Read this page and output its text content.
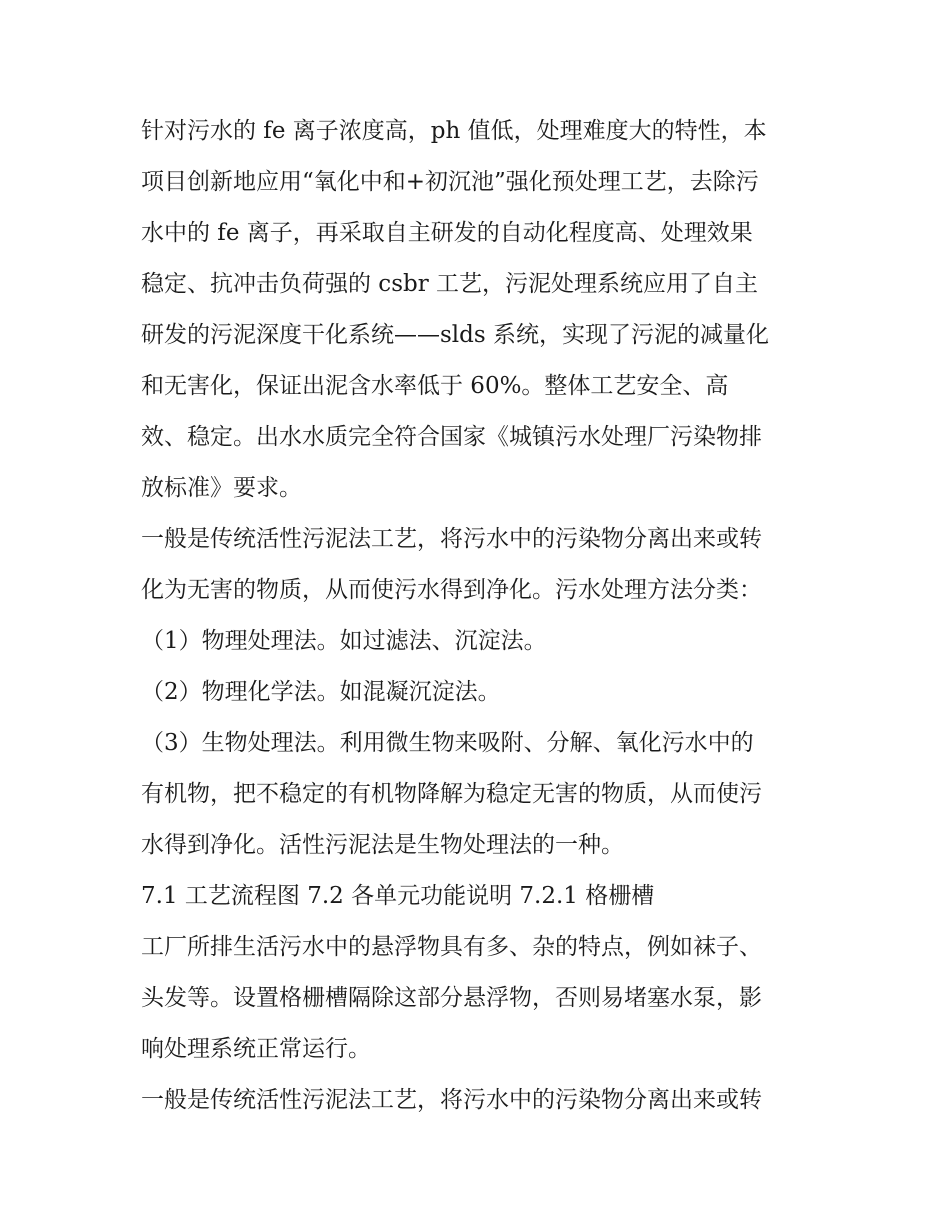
针对污水的 fe 离子浓度高，ph 值低，处理难度大的特性，本
项目创新地应用“氧化中和+初沉池”强化预处理工艺，去除污
水中的 fe 离子，再采取自主研发的自动化程度高、处理效果
稳定、抗冲击负荷强的 csbr 工艺，污泥处理系统应用了自主
研发的污泥深度干化系统——slds 系统，实现了污泥的减量化
和无害化，保证出泥含水率低于 60%。整体工艺安全、高
效、稳定。出水水质完全符合国家《城镇污水处理厂污染物排
放标准》要求。
一般是传统活性污泥法工艺，将污水中的污染物分离出来或转
化为无害的物质，从而使污水得到净化。污水处理方法分类：
（1）物理处理法。如过滤法、沉淀法。
（2）物理化学法。如混凝沉淀法。
（3）生物处理法。利用微生物来吸附、分解、氧化污水中的
有机物，把不稳定的有机物降解为稳定无害的物质，从而使污
水得到净化。活性污泥法是生物处理法的一种。
7.1 工艺流程图 7.2 各单元功能说明 7.2.1 格栅槽
工厂所排生活污水中的悬浮物具有多、杂的特点，例如袜子、
头发等。设置格栅槽隔除这部分悬浮物，否则易堵塞水泵，影
响处理系统正常运行。
一般是传统活性污泥法工艺，将污水中的污染物分离出来或转
